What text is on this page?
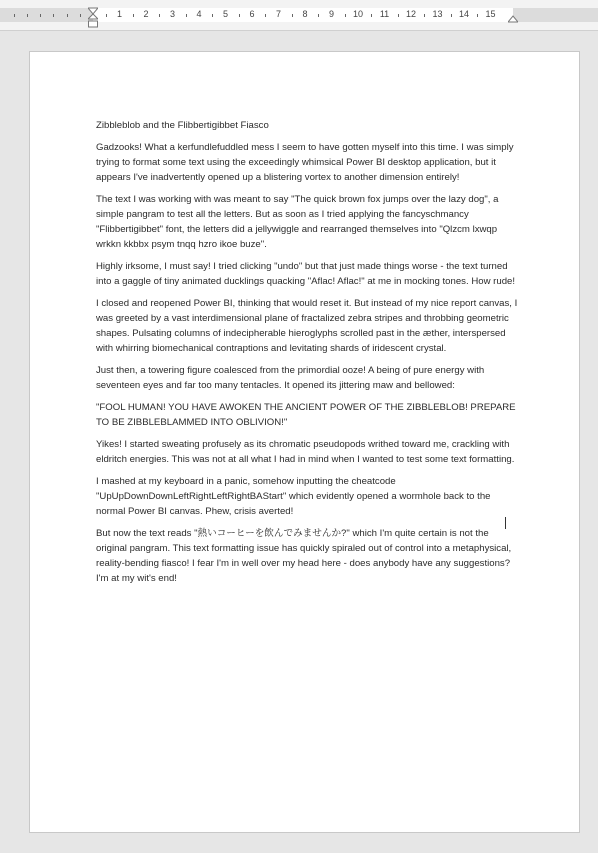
1	2	3	4	5	6	7	8	9	10 11 12 13 14 15
Zibbleblob and the Flibbertigibbet Fiasco

Gadzooks! What a kerfundlefuddled mess I seem to have gotten myself into this time. I was simply trying to format some text using the exceedingly whimsical Power BI desktop application, but it appears I've inadvertently opened up a blistering vortex to another dimension entirely!

The text I was working with was meant to say "The quick brown fox jumps over the lazy dog", a simple pangram to test all the letters. But as soon as I tried applying the fancyschmancy "Flibbertigibbet" font, the letters did a jellywiggle and rearranged themselves into "Qlzcm lxwqp wrkkn kkbbx psym tnqq hzro ikoe buze".

Highly irksome, I must say! I tried clicking "undo" but that just made things worse - the text turned into a gaggle of tiny animated ducklings quacking "Aflac! Aflac!" at me in mocking tones. How rude!

I closed and reopened Power BI, thinking that would reset it. But instead of my nice report canvas, I was greeted by a vast interdimensional plane of fractalized zebra stripes and throbbing geometric shapes. Pulsating columns of indecipherable hieroglyphs scrolled past in the æther, interspersed with whirring biomechanical contraptions and levitating shards of iridescent crystal.

Just then, a towering figure coalesced from the primordial ooze! A being of pure energy with seventeen eyes and far too many tentacles. It opened its jittering maw and bellowed:

"FOOL HUMAN! YOU HAVE AWOKEN THE ANCIENT POWER OF THE ZIBBLEBLOB! PREPARE TO BE ZIBBLEBLAMMED INTO OBLIVION!"

Yikes! I started sweating profusely as its chromatic pseudopods writhed toward me, crackling with eldritch energies. This was not at all what I had in mind when I wanted to test some text formatting.

I mashed at my keyboard in a panic, somehow inputting the cheatcode "UpUpDownDownLeftRightLeftRightBAStart" which evidently opened a wormhole back to the normal Power BI canvas. Phew, crisis averted!

But now the text reads "熱いコーヒーを飲んでみませんか?" which I'm quite certain is not the original pangram. This text formatting issue has quickly spiraled out of control into a metaphysical, reality-bending fiasco! I fear I'm in well over my head here - does anybody have any suggestions? I'm at my wit's end!
